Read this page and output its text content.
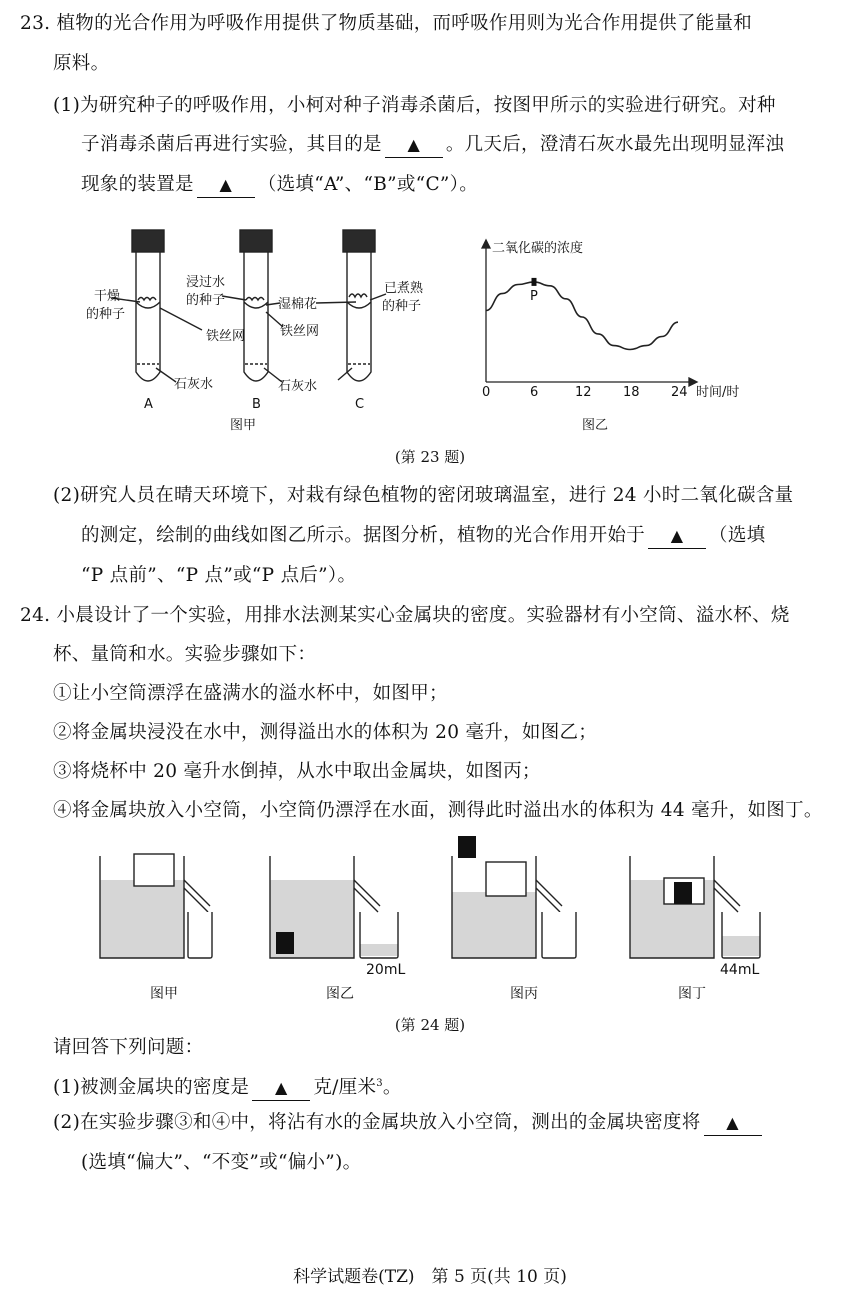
23. 植物的光合作用为呼吸作用提供了物质基础，而呼吸作用则为光合作用提供了能量和
原料。
(1)为研究种子的呼吸作用，小柯对种子消毒杀菌后，按图甲所示的实验进行研究。对种
子消毒杀菌后再进行实验，其目的是 ▲ 。几天后，澄清石灰水最先出现明显浑浊
现象的装置是 ▲ （选填“A”、“B”或“C”）。
干燥
的种子
铁丝网
石灰水
浸过水
的种子	湿棉花
铁丝网
石灰水
已煮熟
的种子
A	B	C
图甲
0	6	12 18 24
P
二氧化碳的浓度
时间/时
图乙
(第 23 题)
(2)研究人员在晴天环境下，对栽有绿色植物的密闭玻璃温室，进行 24 小时二氧化碳含量
的测定，绘制的曲线如图乙所示。据图分析，植物的光合作用开始于 ▲ （选填
“P 点前”、“P 点”或“P 点后”）。
24. 小晨设计了一个实验，用排水法测某实心金属块的密度。实验器材有小空筒、溢水杯、烧
杯、量筒和水。实验步骤如下：
①让小空筒漂浮在盛满水的溢水杯中，如图甲；
②将金属块浸没在水中，测得溢出水的体积为 20 毫升，如图乙；
③将烧杯中 20 毫升水倒掉，从水中取出金属块，如图丙；
④将金属块放入小空筒，小空筒仍漂浮在水面，测得此时溢出水的体积为 44 毫升，如图丁。
20mL	44mL
图甲	图乙	图丙	图丁
(第 24 题)
请回答下列问题：
(1)被测金属块的密度是 ▲ 克/厘米$^3$。
(2)在实验步骤③和④中，将沾有水的金属块放入小空筒，测出的金属块密度将 ▲
(选填“偏大”、“不变”或“偏小”)。
科学试题卷(TZ)　第 5 页(共 10 页)
